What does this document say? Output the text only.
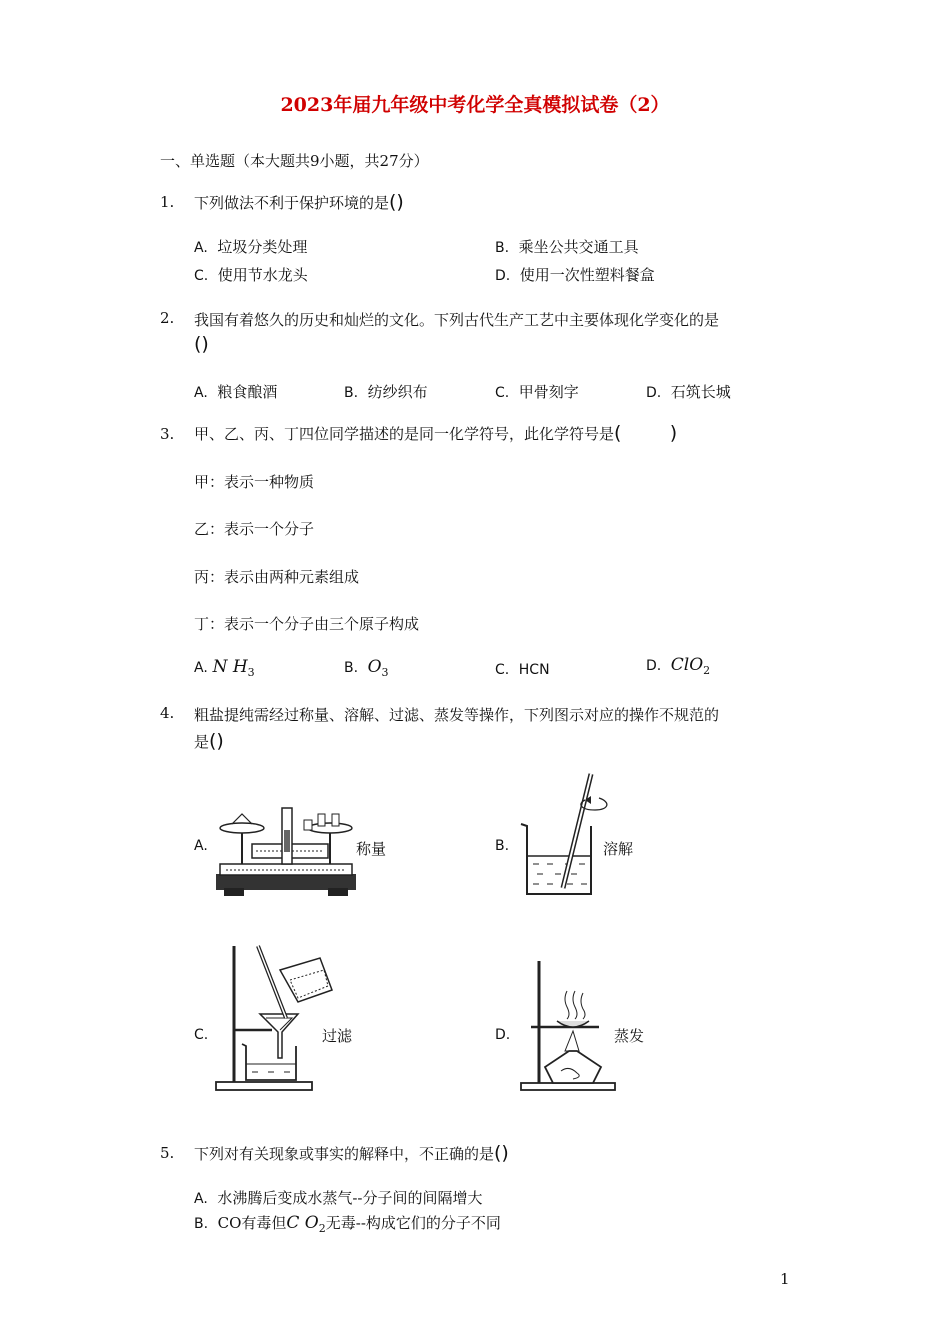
2023年届九年级中考化学全真模拟试卷（2）
一、单选题（本大题共9小题，共27分）
1. 下列做法不利于保护环境的是()
A. 垃圾分类处理	B. 乘坐公共交通工具
C. 使用节水龙头	D. 使用一次性塑料餐盒
2. 我国有着悠久的历史和灿烂的文化。下列古代生产工艺中主要体现化学变化的是
()
A. 粮食酿酒	B. 纺纱织布	C. 甲骨刻字	D. 石筑长城
3. 甲、乙、丙、丁四位同学描述的是同一化学符号，此化学符号是(        )
甲：表示一种物质
乙：表示一个分子
丙：表示由两种元素组成
丁：表示一个分子由三个原子构成
A. N $H_3$	B. $O_3$	C. HCN	D. ClO$_2$
4. 粗盐提纯需经过称量、溶解、过滤、蒸发等操作，下列图示对应的操作不规范的
是()
A.	称量	B.	溶解
C.	过滤	D.	蒸发
5. 下列对有关现象或事实的解释中，不正确的是()
A. 水沸腾后变成水蒸气--分子间的间隔增大
B. CO有毒但C $O_2$无毒--构成它们的分子不同
1
